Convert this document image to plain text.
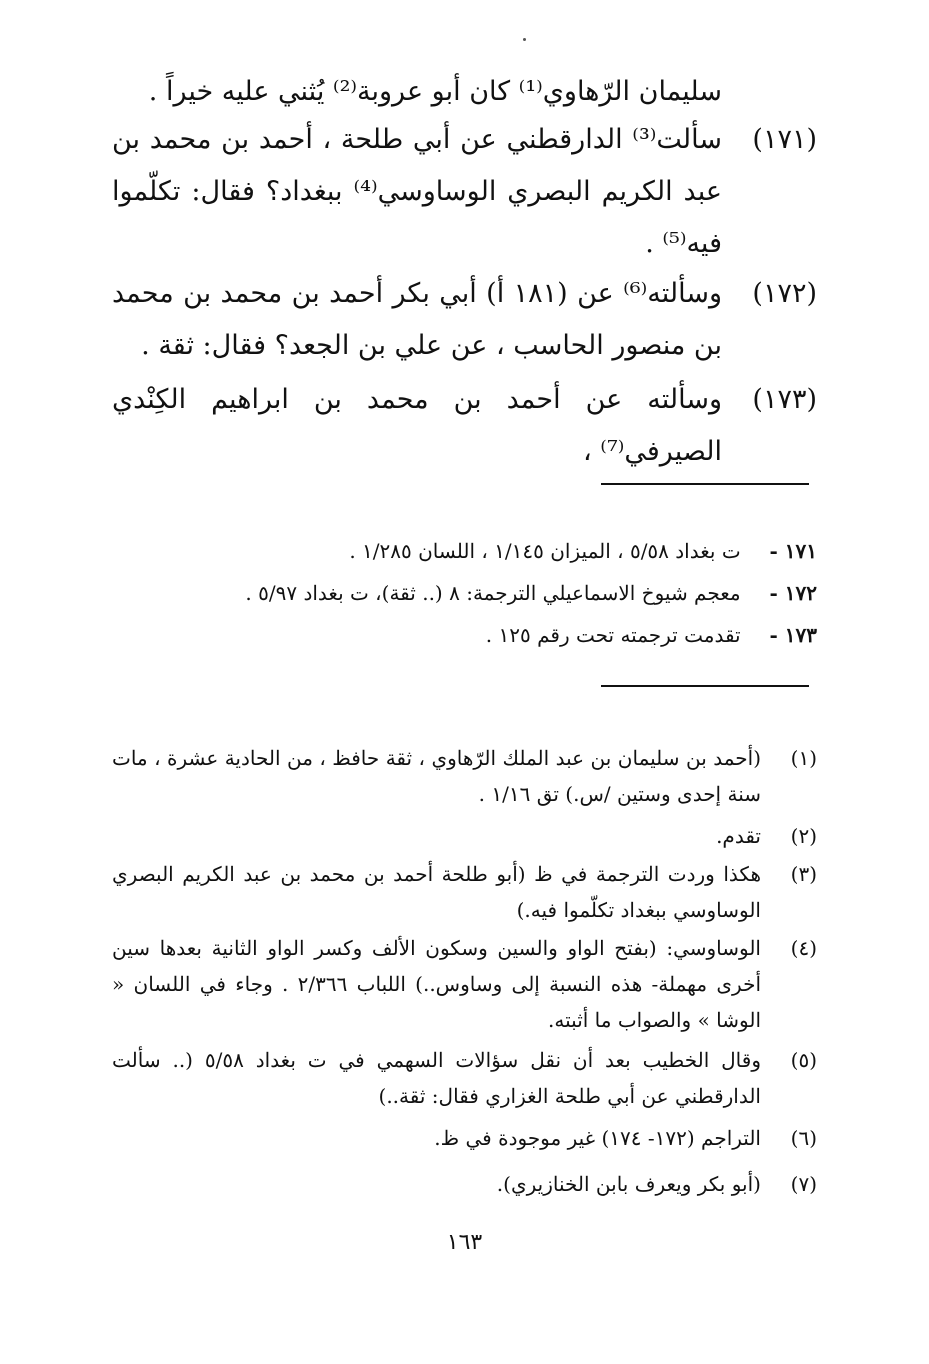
سليمان الرّهاوي⁽¹⁾ كان أبو عروبة⁽²⁾ يُثني عليه خيراً .
(١٧١)
سألت⁽³⁾ الدارقطني عن أبي طلحة ، أحمد بن محمد بن عبد الكريم البصري الوساوسي⁽⁴⁾ ببغداد؟ فقال: تكلّموا فيه⁽⁵⁾ .
(١٧٢)
وسألته⁽⁶⁾ عن (١٨١ أ) أبي بكر أحمد بن محمد بن محمد بن منصور الحاسب ، عن علي بن الجعد؟ فقال: ثقة .
(١٧٣)
وسألته عن أحمد بن محمد بن ابراهيم الكِنْدي الصيرفي⁽⁷⁾ ،
١٧١ - ت بغداد ٥/٥٨ ، الميزان ١/١٤٥ ، اللسان ١/٢٨٥ .
١٧٢ - معجم شيوخ الاسماعيلي الترجمة: ٨ (.. ثقة)، ت بغداد ٥/٩٧ .
١٧٣ - تقدمت ترجمته تحت رقم ١٢٥ .
(١)
(أحمد بن سليمان بن عبد الملك الرّهاوي ، ثقة حافظ ، من الحادية عشرة ، مات سنة إحدى وستين /س.) تق ١/١٦ .
(٢)
تقدم.
(٣)
هكذا وردت الترجمة في ظ (أبو طلحة أحمد بن محمد بن عبد الكريم البصري الوساوسي ببغداد تكلّموا فيه.)
(٤)
الوساوسي: (بفتح الواو والسين وسكون الألف وكسر الواو الثانية بعدها سين أخرى مهملة- هذه النسبة إلى وساوس..) اللباب ٢/٣٦٦ . وجاء في اللسان « الوشا » والصواب ما أثبته.
(٥)
وقال الخطيب بعد أن نقل سؤالات السهمي في ت بغداد ٥/٥٨ (.. سألت الدارقطني عن أبي طلحة الغزاري فقال: ثقة..)
(٦)
التراجم (١٧٢- ١٧٤) غير موجودة في ظ.
(٧)
(أبو بكر ويعرف بابن الخنازيري).
١٦٣
